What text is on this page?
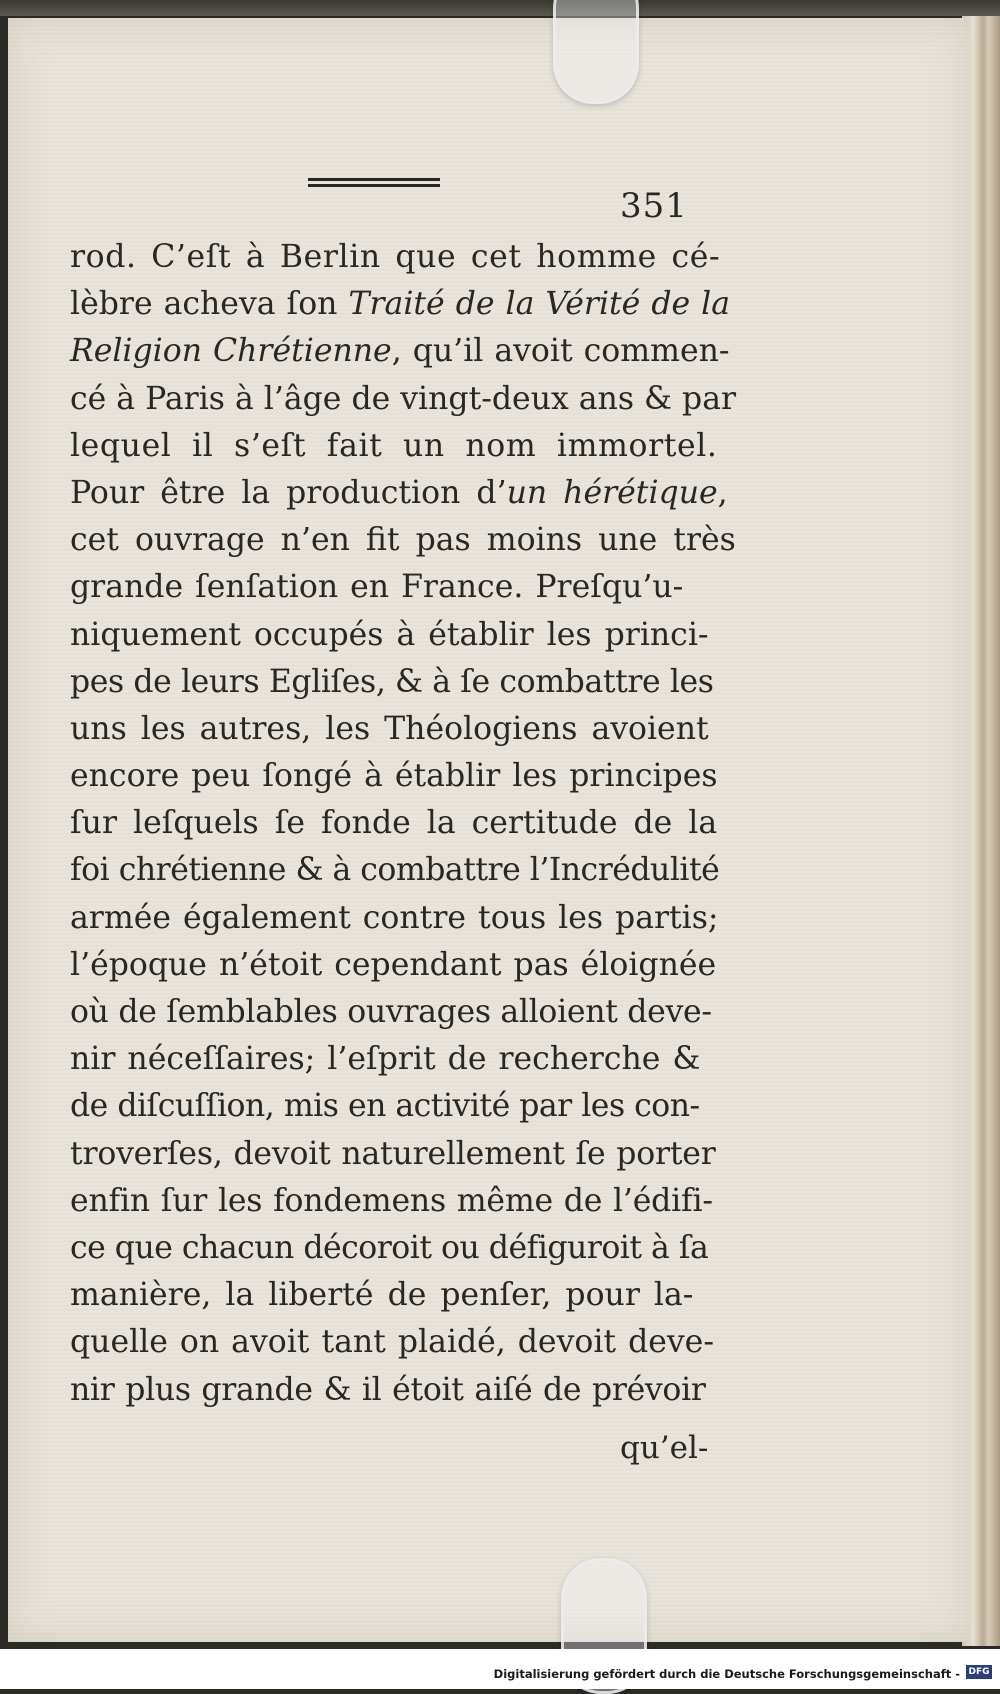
351
rod. C’eſt à Berlin que cet homme cé-
lèbre acheva ſon Traité de la Vérité de la
Religion Chrétienne, qu’il avoit commen-
cé à Paris à l’âge de vingt-deux ans & par
lequel il s’eſt fait un nom immortel.
Pour être la production d’un hérétique,
cet ouvrage n’en fit pas moins une très
grande ſenſation en France. Preſqu’u-
niquement occupés à établir les princi-
pes de leurs Egliſes, & à ſe combattre les
uns les autres, les Théologiens avoient
encore peu ſongé à établir les principes
ſur leſquels ſe fonde la certitude de la
foi chrétienne & à combattre l’Incrédulité
armée également contre tous les partis;
l’époque n’étoit cependant pas éloignée
où de ſemblables ouvrages alloient deve-
nir néceſſaires; l’eſprit de recherche &
de diſcuſſion, mis en activité par les con-
troverſes, devoit naturellement ſe porter
enfin ſur les fondemens même de l’édifi-
ce que chacun décoroit ou défiguroit à ſa
manière, la liberté de penſer, pour la-
quelle on avoit tant plaidé, devoit deve-
nir plus grande & il étoit aiſé de prévoir
qu’el-
Digitalisierung gefördert durch die Deutsche Forschungsgemeinschaft - DFG
